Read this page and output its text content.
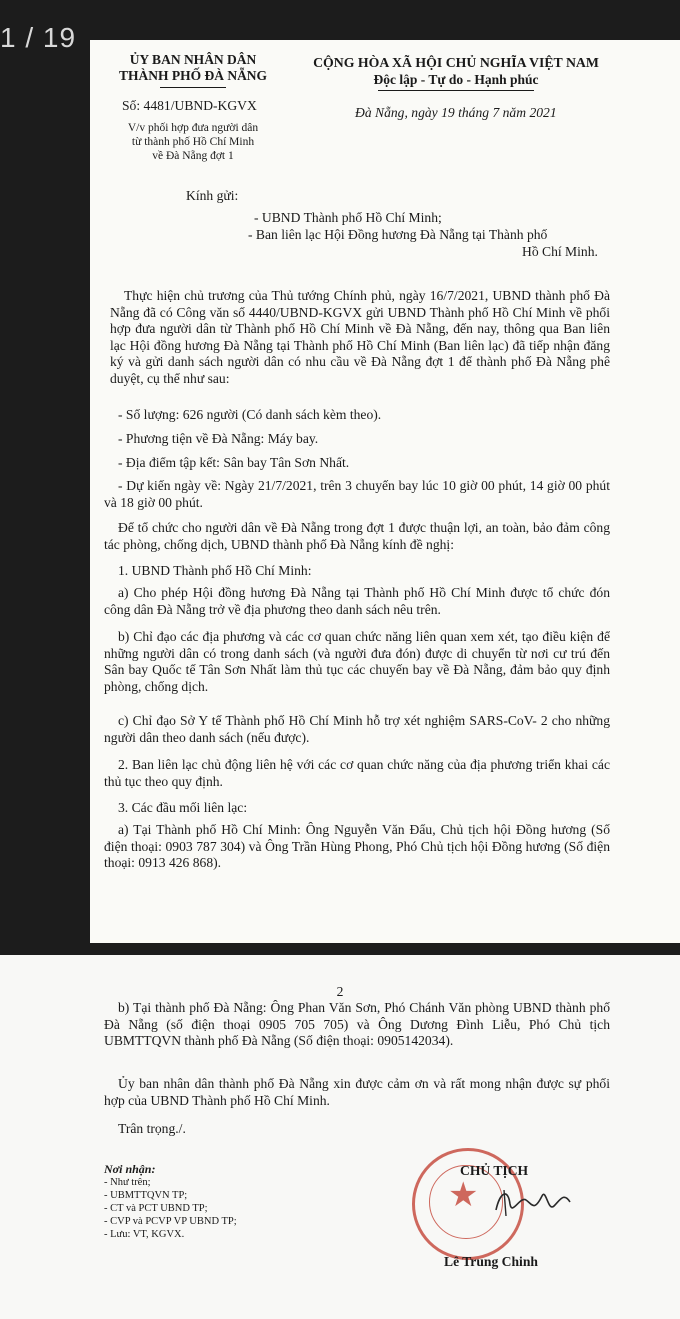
1 / 19
ỦY BAN NHÂN DÂN
THÀNH PHỐ ĐÀ NẴNG
CỘNG HÒA XÃ HỘI CHỦ NGHĨA VIỆT NAM
Độc lập - Tự do - Hạnh phúc
Số: 4481/UBND-KGVX	Đà Nẵng, ngày 19 tháng 7 năm 2021
V/v phối hợp đưa người dân
từ thành phố Hồ Chí Minh
về Đà Nẵng đợt 1
Kính gửi:
- UBND Thành phố Hồ Chí Minh;
- Ban liên lạc Hội Đồng hương Đà Nẵng tại Thành phố
Hồ Chí Minh.
Thực hiện chủ trương của Thủ tướng Chính phủ, ngày 16/7/2021, UBND thành phố Đà Nẵng đã có Công văn số 4440/UBND-KGVX gửi UBND Thành phố Hồ Chí Minh về phối hợp đưa người dân từ Thành phố Hồ Chí Minh về Đà Nẵng, đến nay, thông qua Ban liên lạc Hội đồng hương Đà Nẵng tại Thành phố Hồ Chí Minh (Ban liên lạc) đã tiếp nhận đăng ký và gửi danh sách người dân có nhu cầu về Đà Nẵng đợt 1 để thành phố Đà Nẵng phê duyệt, cụ thể như sau:
- Số lượng: 626 người (Có danh sách kèm theo).
- Phương tiện về Đà Nẵng: Máy bay.
- Địa điểm tập kết: Sân bay Tân Sơn Nhất.
- Dự kiến ngày về: Ngày 21/7/2021, trên 3 chuyến bay lúc 10 giờ 00 phút, 14 giờ 00 phút và 18 giờ 00 phút.
Để tổ chức cho người dân về Đà Nẵng trong đợt 1 được thuận lợi, an toàn, bảo đảm công tác phòng, chống dịch, UBND thành phố Đà Nẵng kính đề nghị:
1. UBND Thành phố Hồ Chí Minh:
a) Cho phép Hội đồng hương Đà Nẵng tại Thành phố Hồ Chí Minh được tổ chức đón công dân Đà Nẵng trở về địa phương theo danh sách nêu trên.
b) Chỉ đạo các địa phương và các cơ quan chức năng liên quan xem xét, tạo điều kiện để những người dân có trong danh sách (và người đưa đón) được di chuyển từ nơi cư trú đến Sân bay Quốc tế Tân Sơn Nhất làm thủ tục các chuyến bay về Đà Nẵng, đảm bảo quy định phòng, chống dịch.
c) Chỉ đạo Sở Y tế Thành phố Hồ Chí Minh hỗ trợ xét nghiệm SARS-CoV- 2 cho những người dân theo danh sách (nếu được).
2. Ban liên lạc chủ động liên hệ với các cơ quan chức năng của địa phương triển khai các thủ tục theo quy định.
3. Các đầu mối liên lạc:
a) Tại Thành phố Hồ Chí Minh: Ông Nguyễn Văn Đẩu, Chủ tịch hội Đồng hương (Số điện thoại: 0903 787 304) và Ông Trần Hùng Phong, Phó Chủ tịch hội Đồng hương (Số điện thoại: 0913 426 868).
2
b) Tại thành phố Đà Nẵng: Ông Phan Văn Sơn, Phó Chánh Văn phòng UBND thành phố Đà Nẵng (số điện thoại 0905 705 705) và Ông Dương Đình Liễu, Phó Chủ tịch UBMTTQVN thành phố Đà Nẵng (Số điện thoại: 0905142034).
Ủy ban nhân dân thành phố Đà Nẵng xin được cảm ơn và rất mong nhận được sự phối hợp của UBND Thành phố Hồ Chí Minh.
Trân trọng./.
Nơi nhận:
- Như trên;
- UBMTTQVN TP;
- CT và PCT UBND TP;
- CVP và PCVP VP UBND TP;
- Lưu: VT, KGVX.
★
CHỦ TỊCH
Lê Trung Chinh
